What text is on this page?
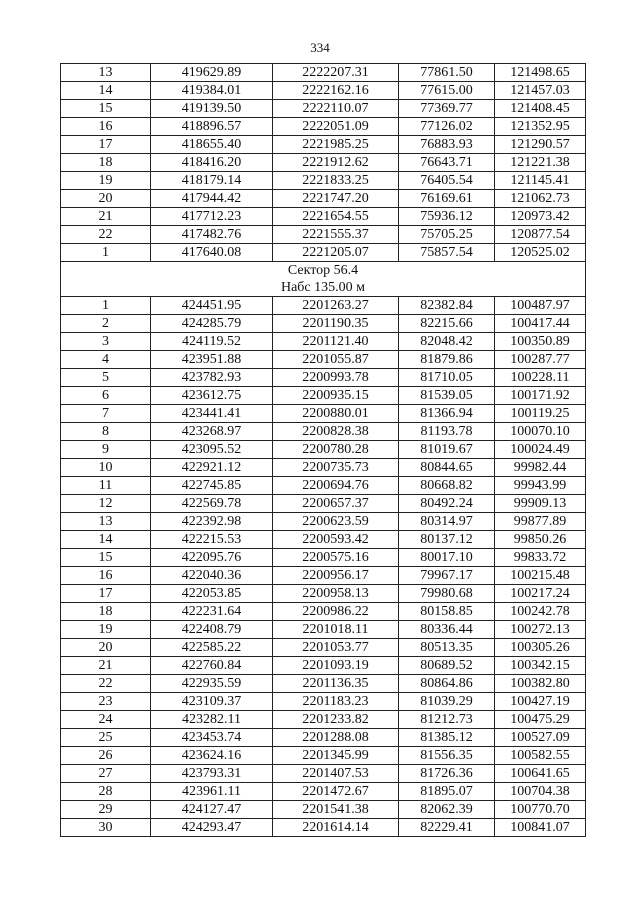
334
13	419629.89	2222207.31	77861.50	121498.65
14	419384.01	2222162.16	77615.00	121457.03
15	419139.50	2222110.07	77369.77	121408.45
16	418896.57	2222051.09	77126.02	121352.95
17	418655.40	2221985.25	76883.93	121290.57
18	418416.20	2221912.62	76643.71	121221.38
19	418179.14	2221833.25	76405.54	121145.41
20	417944.42	2221747.20	76169.61	121062.73
21	417712.23	2221654.55	75936.12	120973.42
22	417482.76	2221555.37	75705.25	120877.54
1	417640.08	2221205.07	75857.54	120525.02

Сектор 56.4
Набс 135.00 м				

1	424451.95	2201263.27	82382.84	100487.97
2	424285.79	2201190.35	82215.66	100417.44
3	424119.52	2201121.40	82048.42	100350.89
4	423951.88	2201055.87	81879.86	100287.77
5	423782.93	2200993.78	81710.05	100228.11
6	423612.75	2200935.15	81539.05	100171.92
7	423441.41	2200880.01	81366.94	100119.25
8	423268.97	2200828.38	81193.78	100070.10
9	423095.52	2200780.28	81019.67	100024.49
10	422921.12	2200735.73	80844.65	99982.44
11	422745.85	2200694.76	80668.82	99943.99
12	422569.78	2200657.37	80492.24	99909.13
13	422392.98	2200623.59	80314.97	99877.89
14	422215.53	2200593.42	80137.12	99850.26
15	422095.76	2200575.16	80017.10	99833.72
16	422040.36	2200956.17	79967.17	100215.48
17	422053.85	2200958.13	79980.68	100217.24
18	422231.64	2200986.22	80158.85	100242.78
19	422408.79	2201018.11	80336.44	100272.13
20	422585.22	2201053.77	80513.35	100305.26
21	422760.84	2201093.19	80689.52	100342.15
22	422935.59	2201136.35	80864.86	100382.80
23	423109.37	2201183.23	81039.29	100427.19
24	423282.11	2201233.82	81212.73	100475.29
25	423453.74	2201288.08	81385.12	100527.09
26	423624.16	2201345.99	81556.35	100582.55
27	423793.31	2201407.53	81726.36	100641.65
28	423961.11	2201472.67	81895.07	100704.38
29	424127.47	2201541.38	82062.39	100770.70
30	424293.47	2201614.14	82229.41	100841.07
